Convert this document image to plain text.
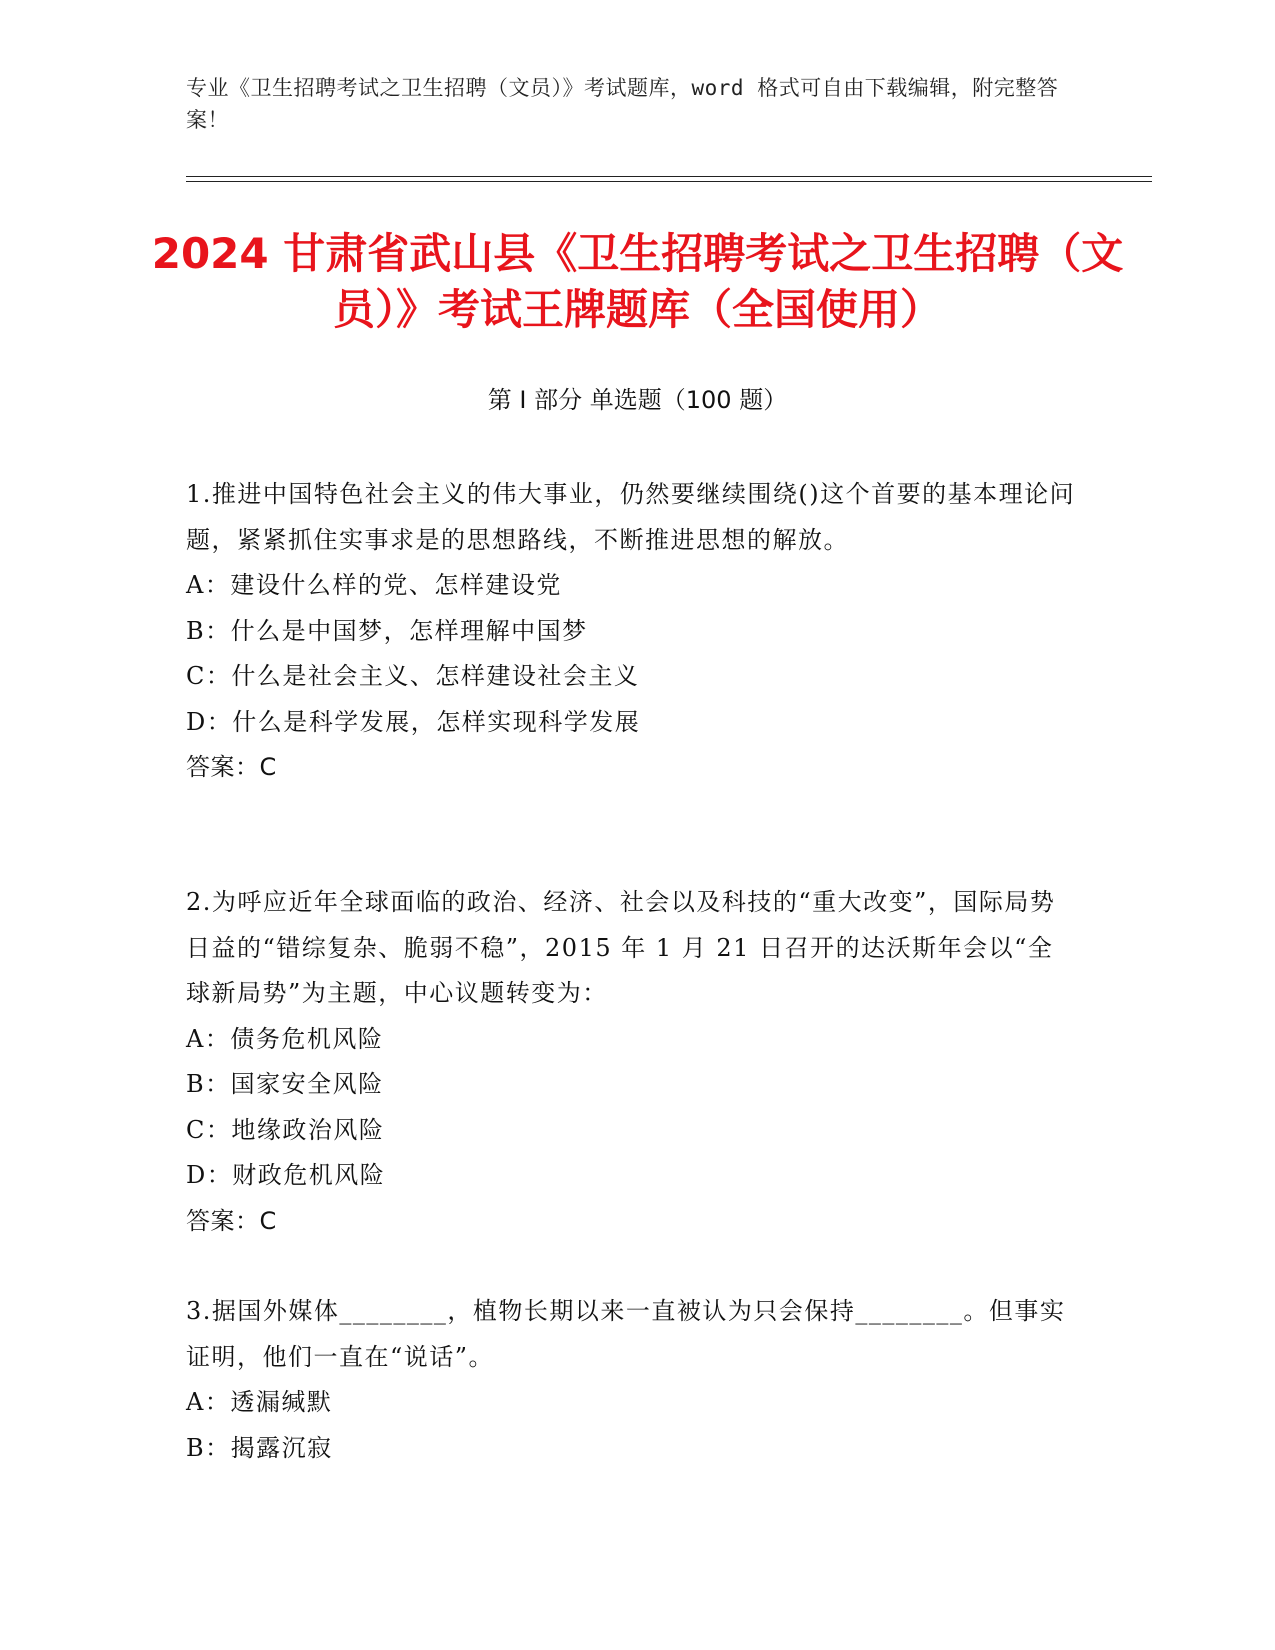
专业《卫生招聘考试之卫生招聘（文员）》考试题库，word 格式可自由下载编辑，附完整答案！
2024 甘肃省武山县《卫生招聘考试之卫生招聘（文员）》考试王牌题库（全国使用）
第 I 部分 单选题（100 题）
1.推进中国特色社会主义的伟大事业，仍然要继续围绕()这个首要的基本理论问题，紧紧抓住实事求是的思想路线，不断推进思想的解放。
A：建设什么样的党、怎样建设党
B：什么是中国梦，怎样理解中国梦
C：什么是社会主义、怎样建设社会主义
D：什么是科学发展，怎样实现科学发展
答案：C
2.为呼应近年全球面临的政治、经济、社会以及科技的“重大改变”，国际局势日益的“错综复杂、脆弱不稳”，2015 年 1 月 21 日召开的达沃斯年会以“全球新局势”为主题，中心议题转变为：
A：债务危机风险
B：国家安全风险
C：地缘政治风险
D：财政危机风险
答案：C
3.据国外媒体________，植物长期以来一直被认为只会保持________。但事实证明，他们一直在“说话”。
A：透漏缄默
B：揭露沉寂
